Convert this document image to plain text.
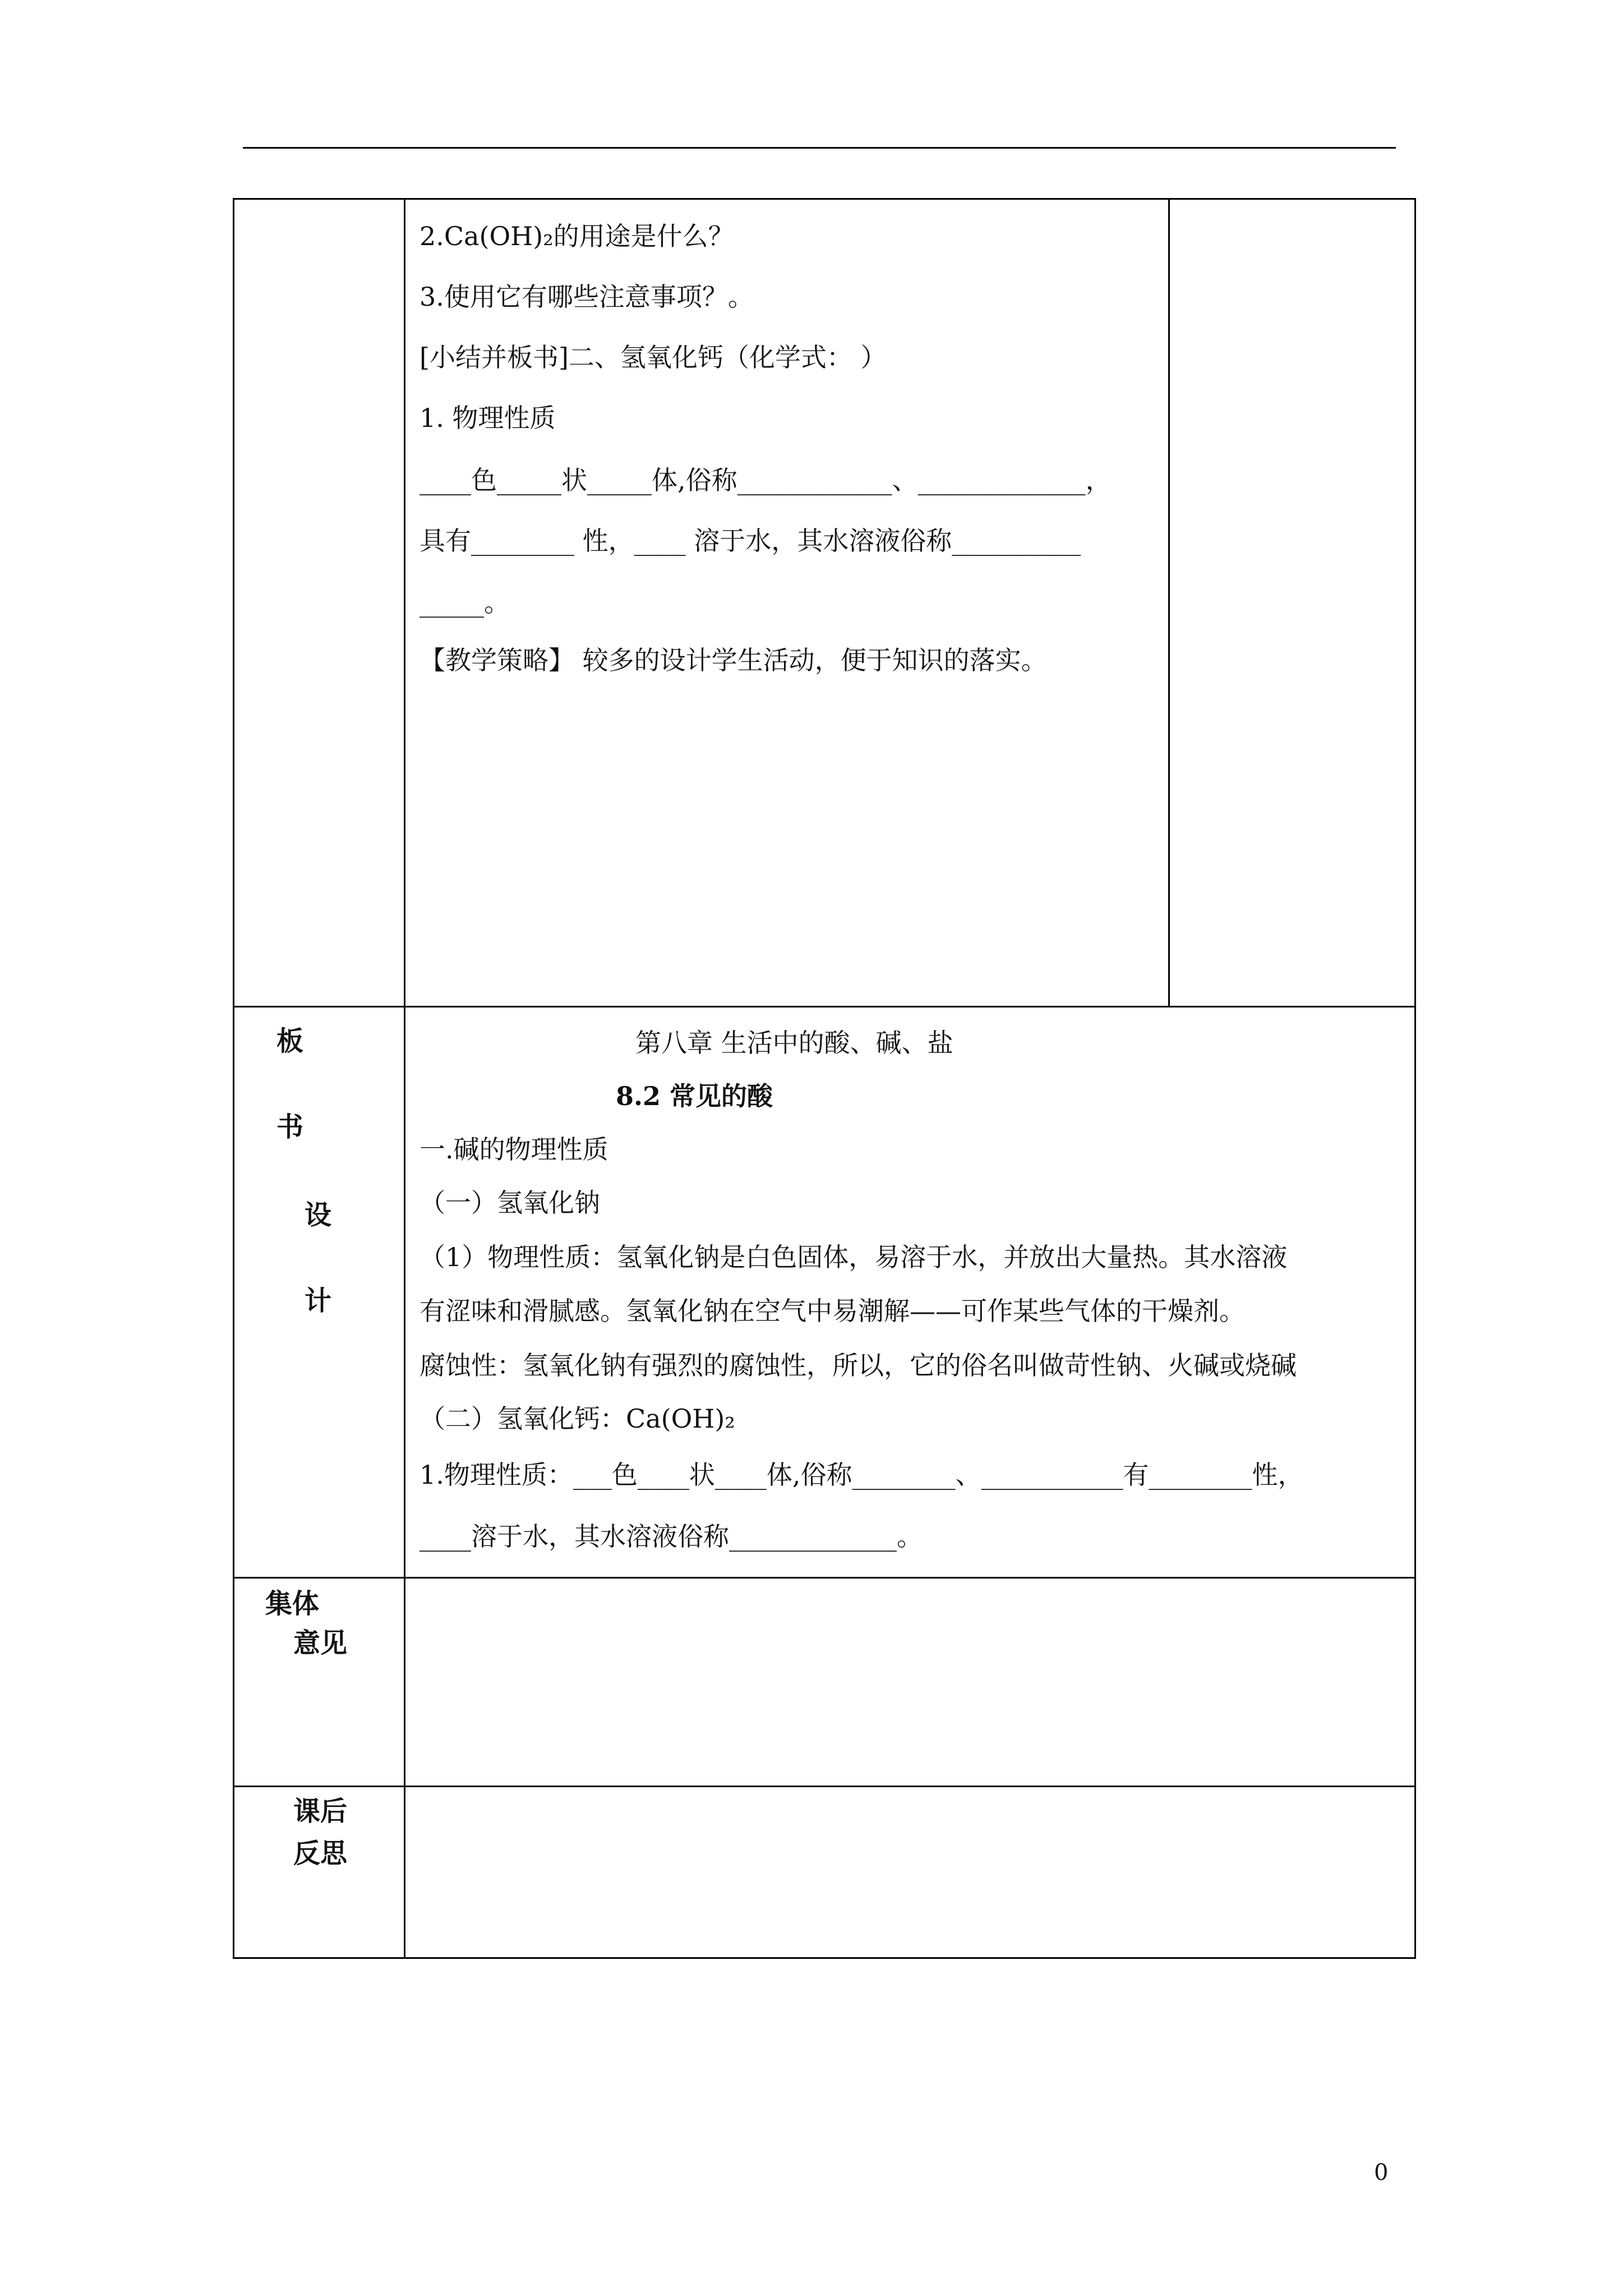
2.Ca(OH)₂的用途是什么？
3.使用它有哪些注意事项？。
[小结并板书]二、氢氧化钙（化学式： ）
1. 物理性质
____色_____状_____体,俗称____________、_____________，
具有________ 性，____ 溶于水，其水溶液俗称__________
_____。
【教学策略】 较多的设计学生活动，便于知识的落实。
板
书
设
计
第八章 生活中的酸、碱、盐
8.2 常见的酸
一.碱的物理性质
（一）氢氧化钠
（1）物理性质：氢氧化钠是白色固体，易溶于水，并放出大量热。其水溶液
有涩味和滑腻感。氢氧化钠在空气中易潮解——可作某些气体的干燥剂。
腐蚀性：氢氧化钠有强烈的腐蚀性，所以，它的俗名叫做苛性钠、火碱或烧碱
（二）氢氧化钙：Ca(OH)₂
1.物理性质：___色____状____体,俗称________、___________有________性，
____溶于水，其水溶液俗称_____________。
集体
意见
课后
反思
0
